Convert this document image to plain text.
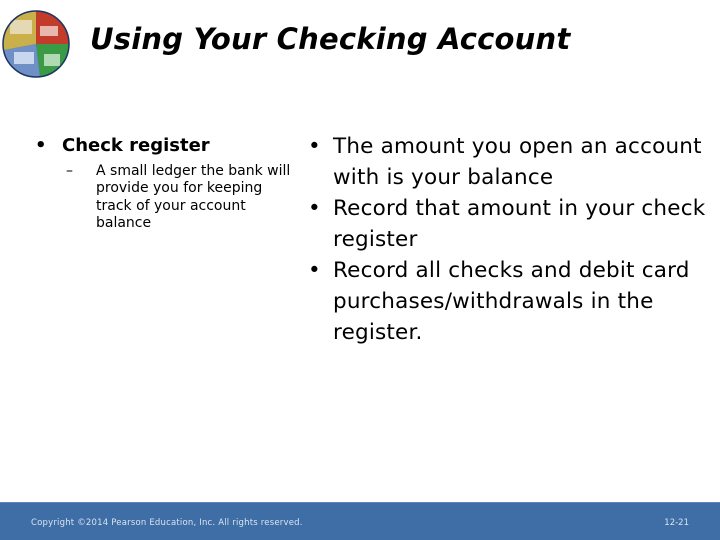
Using Your Checking Account
• Check register
– A small ledger the bank will provide you for keeping track of your account balance
• The amount you open an account with is your balance
• Record that amount in your check register
• Record all checks and debit card purchases/withdrawals in the register.
Copyright ©2014 Pearson Education, Inc. All rights reserved.	12-21
